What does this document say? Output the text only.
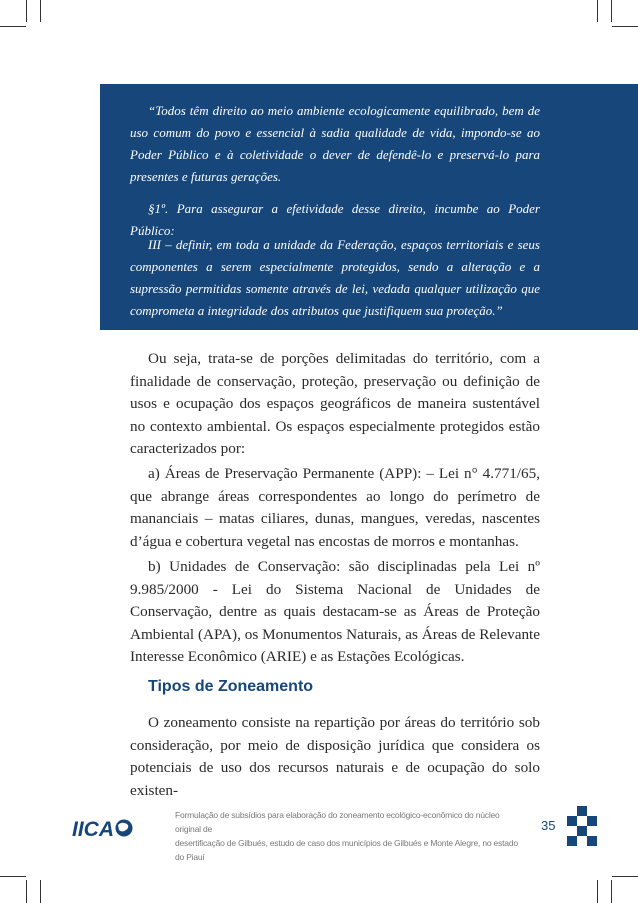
“Todos têm direito ao meio ambiente ecologicamente equilibrado, bem de uso comum do povo e essencial à sadia qualidade de vida, impondo-se ao Poder Público e à coletividade o dever de defendê-lo e preservá-lo para presentes e futuras gerações.

§1º. Para assegurar a efetividade desse direito, incumbe ao Poder Público:

III – definir, em toda a unidade da Federação, espaços territoriais e seus componentes a serem especialmente protegidos, sendo a alteração e a supressão permitidas somente através de lei, vedada qualquer utilização que comprometa a integridade dos atributos que justifiquem sua proteção.”

Ou seja, trata-se de porções delimitadas do território, com a finalidade de conservação, proteção, preservação ou definição de usos e ocupação dos espaços geográficos de maneira sustentável no contexto ambiental. Os espaços especialmente protegidos estão caracterizados por:

a) Áreas de Preservação Permanente (APP): – Lei n° 4.771/65, que abrange áreas correspondentes ao longo do perímetro de mananciais – matas ciliares, dunas, mangues, veredas, nascentes d’água e cobertura vegetal nas encostas de morros e montanhas.

b) Unidades de Conservação: são disciplinadas pela Lei nº 9.985/2000 - Lei do Sistema Nacional de Unidades de Conservação, dentre as quais destacam-se as Áreas de Proteção Ambiental (APA), os Monumentos Naturais, as Áreas de Relevante Interesse Econômico (ARIE) e as Estações Ecológicas.

Tipos de Zoneamento

O zoneamento consiste na repartição por áreas do território sob consideração, por meio de disposição jurídica que considera os potenciais de uso dos recursos naturais e de ocupação do solo existen-

IICA
Formulação de subsídios para elaboração do zoneamento ecológico-econômico do núcleo original de
desertificação de Gilbués, estudo de caso dos municípios de Gilbués e Monte Alegre, no estado do Piauí
35
